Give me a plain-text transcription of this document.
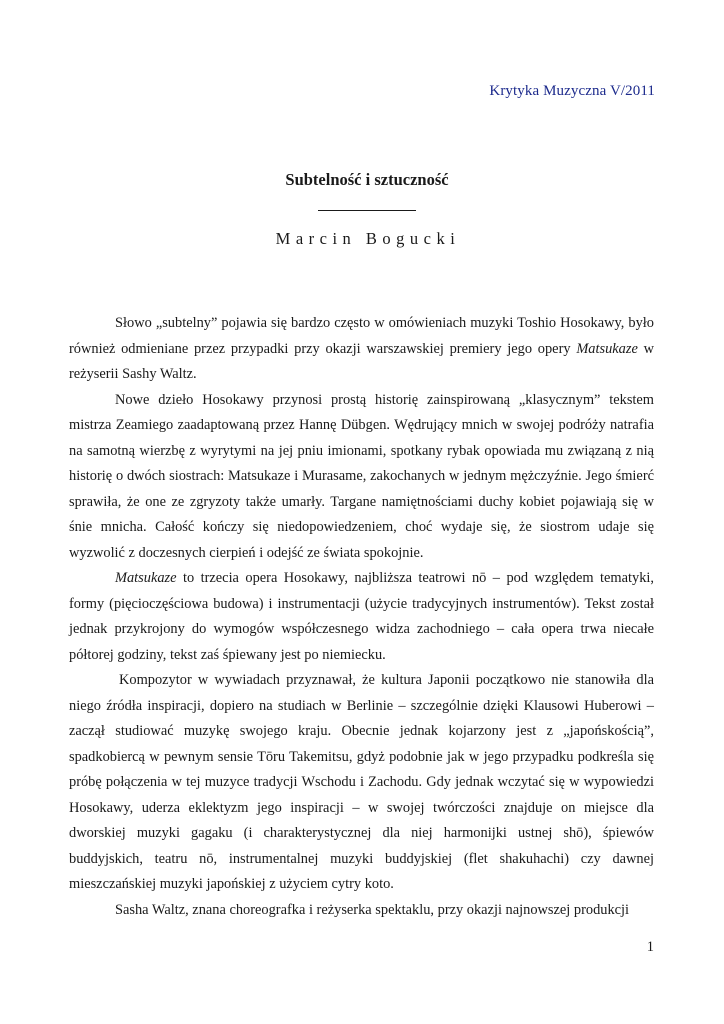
Krytyka Muzyczna V/2011
Subtelność i sztuczność
Marcin Bogucki

Słowo „subtelny” pojawia się bardzo często w omówieniach muzyki Toshio Hosokawy, było również odmieniane przez przypadki przy okazji warszawskiej premiery jego opery Matsukaze w reżyserii Sashy Waltz.

Nowe dzieło Hosokawy przynosi prostą historię zainspirowaną „klasycznym” tekstem mistrza Zeamiego zaadaptowaną przez Hannę Dübgen. Wędrujący mnich w swojej podróży natrafia na samotną wierzbę z wyrytymi na jej pniu imionami, spotkany rybak opowiada mu związaną z nią historię o dwóch siostrach: Matsukaze i Murasame, zakochanych w jednym mężczyźnie. Jego śmierć sprawiła, że one ze zgryzoty także umarły. Targane namiętnościami duchy kobiet pojawiają się w śnie mnicha. Całość kończy się niedopowiedzeniem, choć wydaje się, że siostrom udaje się wyzwolić z doczesnych cierpień i odejść ze świata spokojnie.

Matsukaze to trzecia opera Hosokawy, najbliższa teatrowi nō – pod względem tematyki, formy (pięcioczęściowa budowa) i instrumentacji (użycie tradycyjnych instrumentów). Tekst został jednak przykrojony do wymogów współczesnego widza zachodniego – cała opera trwa niecałe półtorej godziny, tekst zaś śpiewany jest po niemiecku.

Kompozytor w wywiadach przyznawał, że kultura Japonii początkowo nie stanowiła dla niego źródła inspiracji, dopiero na studiach w Berlinie – szczególnie dzięki Klausowi Huberowi – zaczął studiować muzykę swojego kraju. Obecnie jednak kojarzony jest z „japońskością”, spadkobiercą w pewnym sensie Tōru Takemitsu, gdyż podobnie jak w jego przypadku podkreśla się próbę połączenia w tej muzyce tradycji Wschodu i Zachodu. Gdy jednak wczytać się w wypowiedzi Hosokawy, uderza eklektyzm jego inspiracji – w swojej twórczości znajduje on miejsce dla dworskiej muzyki gagaku (i charakterystycznej dla niej harmonijki ustnej shō), śpiewów buddyjskich, teatru nō, instrumentalnej muzyki buddyjskiej (flet shakuhachi) czy dawnej mieszczańskiej muzyki japońskiej z użyciem cytry koto.

Sasha Waltz, znana choreografka i reżyserka spektaklu, przy okazji najnowszej produkcji

1
